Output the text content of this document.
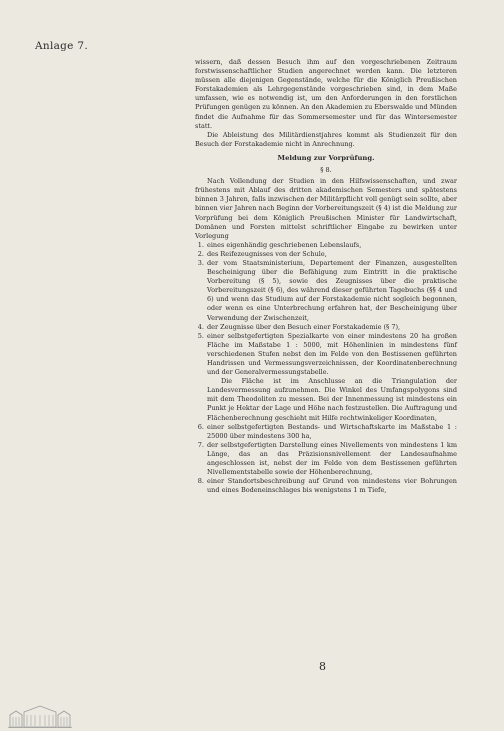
Anlage 7.

wissern, daß dessen Besuch ihm auf den vorgeschriebenen Zeitraum forstwissenschaftlicher Studien angerechnet werden kann. Die letzteren müssen alle diejenigen Gegenstände, welche für die Königlich Preußischen Forstakademien als Lehrgegenstände vorgeschrieben sind, in dem Maße umfassen, wie es notwendig ist, um den Anforderungen in den forstlichen Prüfungen genügen zu können. An den Akademien zu Eberswalde und Münden findet die Aufnahme für das Sommersemester und für das Wintersemester statt.

Die Ableistung des Militärdienstjahres kommt als Studienzeit für den Besuch der Forstakademie nicht in Anrechnung.

Meldung zur Vorprüfung.

§ 8.

Nach Vollendung der Studien in den Hilfswissenschaften, und zwar frühestens mit Ablauf des dritten akademischen Semesters und spätestens binnen 3 Jahren, falls inzwischen der Militärpflicht voll genügt sein sollte, aber binnen vier Jahren nach Beginn der Vorbereitungszeit (§ 4) ist die Meldung zur Vorprüfung bei dem Königlich Preußischen Minister für Landwirtschaft, Domänen und Forsten mittelst schriftlicher Eingabe zu bewirken unter Vorlegung

1. eines eigenhändig geschriebenen Lebenslaufs,
2. des Reifezeugnisses von der Schule,
3. der vom Staatsministerium, Departement der Finanzen, ausgestellten Bescheinigung über die Befähigung zum Eintritt in die praktische Vorbereitung (§ 5), sowie des Zeugnisses über die praktische Vorbereitungszeit (§ 6), des während dieser geführten Tagebuchs (§§ 4 und 6) und wenn das Studium auf der Forstakademie nicht sogleich begonnen, oder wenn es eine Unterbrechung erfahren hat, der Bescheinigung über Verwendung der Zwischenzeit,
4. der Zeugnisse über den Besuch einer Forstakademie (§ 7),
5. einer selbstgefertigten Spezialkarte von einer mindestens 20 ha großen Fläche im Maßstabe 1 : 5000, mit Höhenlinien in mindestens fünf verschiedenen Stufen nebst den im Felde von den Bestissenen geführten Handrissen und Vermessungsverzeichnissen, der Koordinatenberechnung und der Generalvermessungstabelle.
Die Fläche ist im Anschlusse an die Triangulation der Landesvermessung aufzunehmen. Die Winkel des Umfangspolygons sind mit dem Theodoliten zu messen. Bei der Innenmessung ist mindestens ein Punkt je Hektar der Lage und Höhe nach festzustellen. Die Auftragung und Flächenberechnung geschieht mit Hilfe rechtwinkeliger Koordinaten,
6. einer selbstgefertigten Bestands- und Wirtschaftskarte im Maßstabe 1 : 25000 über mindestens 300 ha,
7. der selbstgefertigten Darstellung eines Nivellements von mindestens 1 km Länge, das an das Präzisionsnivellement der Landesaufnahme angeschlossen ist, nebst der im Felde von dem Bestissenen geführten Nivellementstabelle sowie der Höhenberechnung,
8. einer Standortsbeschreibung auf Grund von mindestens vier Bohrungen und eines Bodeneinschlages bis wenigstens 1 m Tiefe,
8
